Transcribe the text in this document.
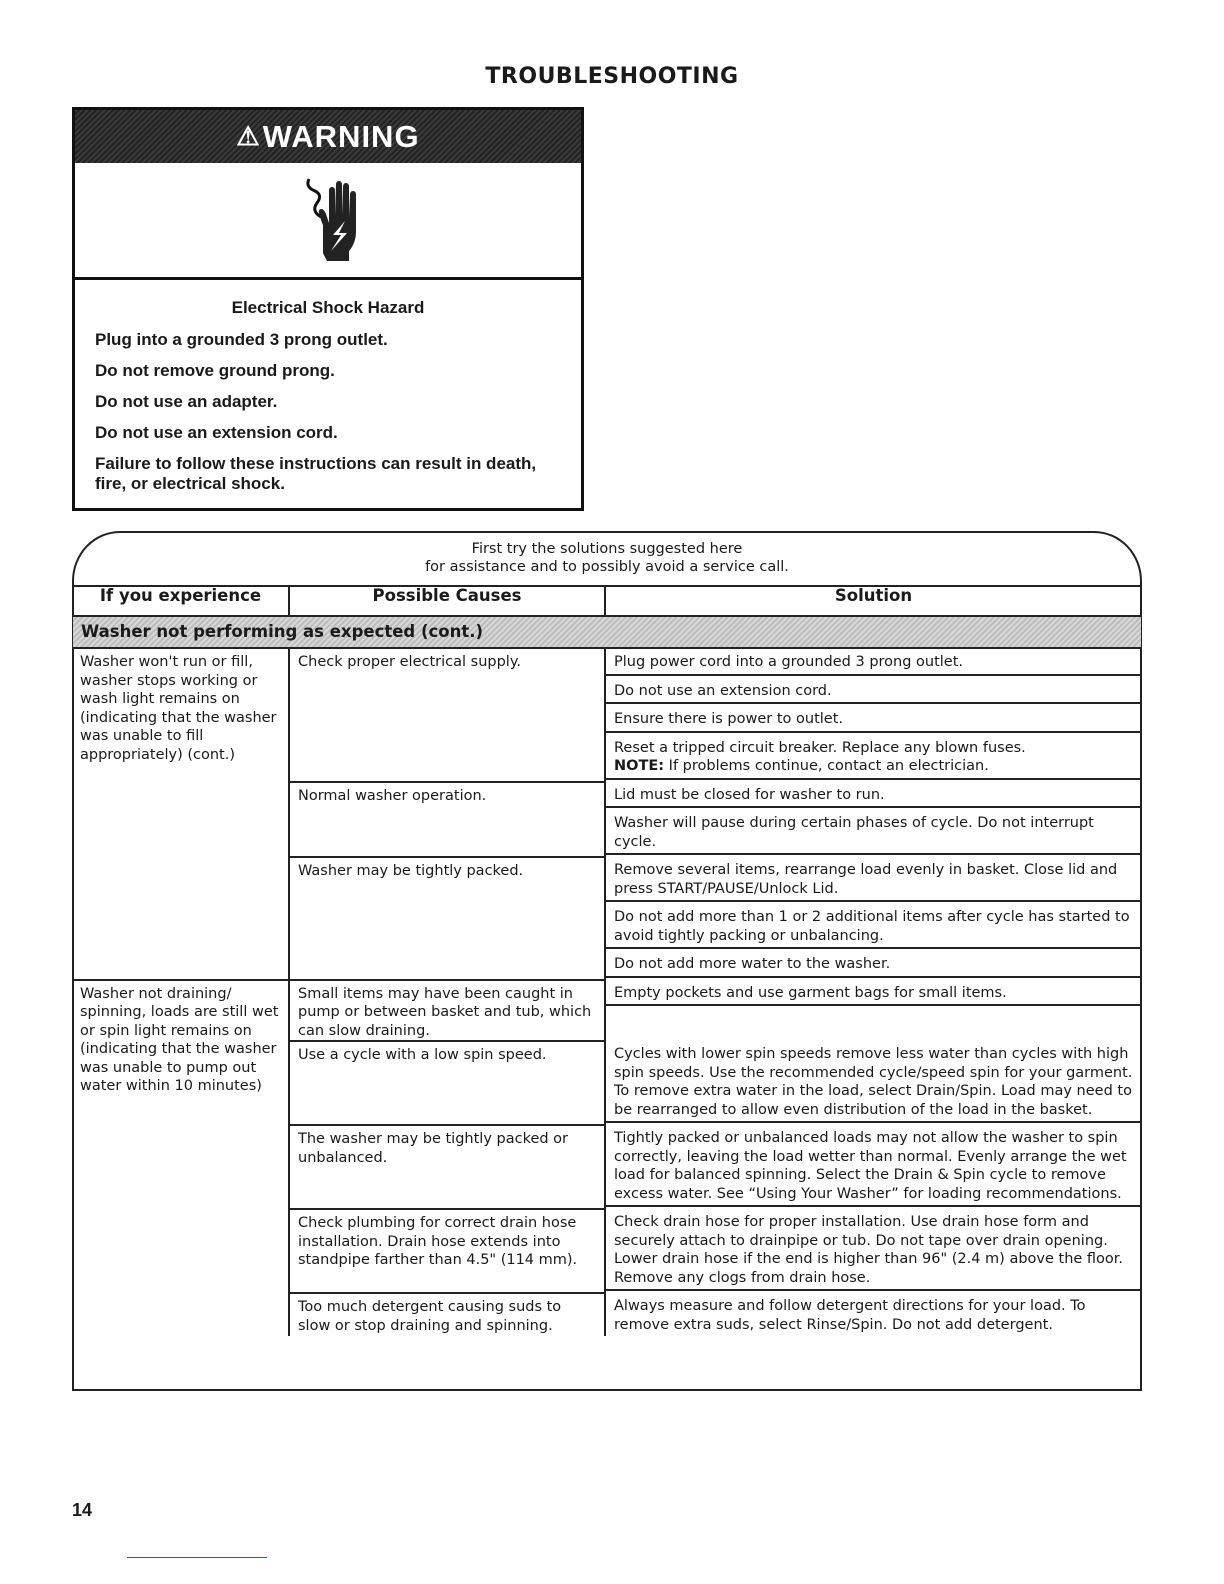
TROUBLESHOOTING
⚠WARNING
Electrical Shock Hazard
Plug into a grounded 3 prong outlet.
Do not remove ground prong.
Do not use an adapter.
Do not use an extension cord.
Failure to follow these instructions can result in death, fire, or electrical shock.
First try the solutions suggested here
for assistance and to possibly avoid a service call.
If you experience	Possible Causes	Solution
Washer not performing as expected (cont.)		
Washer won't run or fill, washer stops working or wash light remains on (indicating that the washer was unable to fill appropriately) (cont.)	Check proper electrical supply.	Plug power cord into a grounded 3 prong outlet.
Do not use an extension cord.
Ensure there is power to outlet.
Reset a tripped circuit breaker. Replace any blown fuses.
NOTE: If problems continue, contact an electrician.

	Normal washer operation.	Lid must be closed for washer to run.
Washer will pause during certain phases of cycle. Do not interrupt cycle.

	Washer may be tightly packed.	Remove several items, rearrange load evenly in basket. Close lid and press START/PAUSE/Unlock Lid.
Do not add more than 1 or 2 additional items after cycle has started to avoid tightly packing or unbalancing.
Do not add more water to the washer.

Washer not draining/ spinning, loads are still wet or spin light remains on (indicating that the washer was unable to pump out water within 10 minutes)	Small items may have been caught in pump or between basket and tub, which can slow draining.	Empty pockets and use garment bags for small items.

	Use a cycle with a low spin speed.	Cycles with lower spin speeds remove less water than cycles with high spin speeds. Use the recommended cycle/speed spin for your garment. To remove extra water in the load, select Drain/Spin. Load may need to be rearranged to allow even distribution of the load in the basket.

	The washer may be tightly packed or unbalanced.	Tightly packed or unbalanced loads may not allow the washer to spin correctly, leaving the load wetter than normal. Evenly arrange the wet load for balanced spinning. Select the Drain & Spin cycle to remove excess water. See “Using Your Washer” for loading recommendations.

	Check plumbing for correct drain hose installation. Drain hose extends into standpipe farther than 4.5" (114 mm).	Check drain hose for proper installation. Use drain hose form and securely attach to drainpipe or tub. Do not tape over drain opening. Lower drain hose if the end is higher than 96" (2.4 m) above the floor. Remove any clogs from drain hose.

	Too much detergent causing suds to slow or stop draining and spinning.	Always measure and follow detergent directions for your load. To remove extra suds, select Rinse/Spin. Do not add detergent.
14
